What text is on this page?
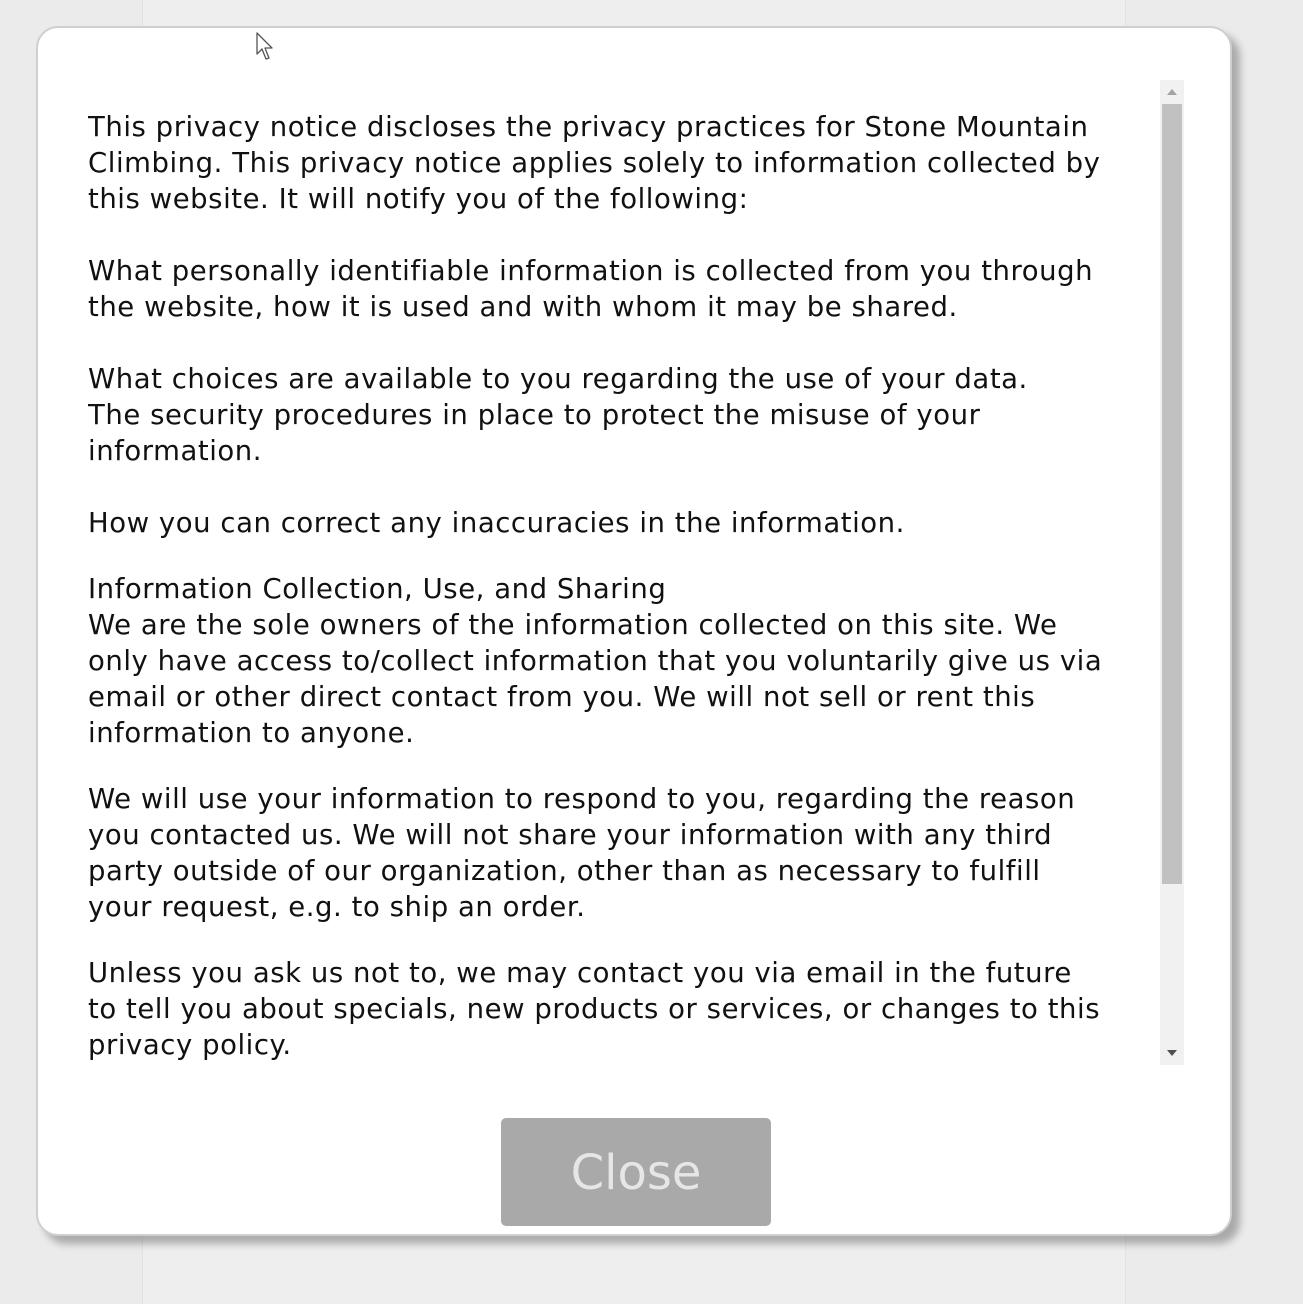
This privacy notice discloses the privacy practices for Stone Mountain
Climbing. This privacy notice applies solely to information collected by
this website. It will notify you of the following:

What personally identifiable information is collected from you through
the website, how it is used and with whom it may be shared.

What choices are available to you regarding the use of your data.
The security procedures in place to protect the misuse of your
information.

How you can correct any inaccuracies in the information.

Information Collection, Use, and Sharing
We are the sole owners of the information collected on this site. We
only have access to/collect information that you voluntarily give us via
email or other direct contact from you. We will not sell or rent this
information to anyone.

We will use your information to respond to you, regarding the reason
you contacted us. We will not share your information with any third
party outside of our organization, other than as necessary to fulfill
your request, e.g. to ship an order.

Unless you ask us not to, we may contact you via email in the future
to tell you about specials, new products or services, or changes to this
privacy policy.

Close
